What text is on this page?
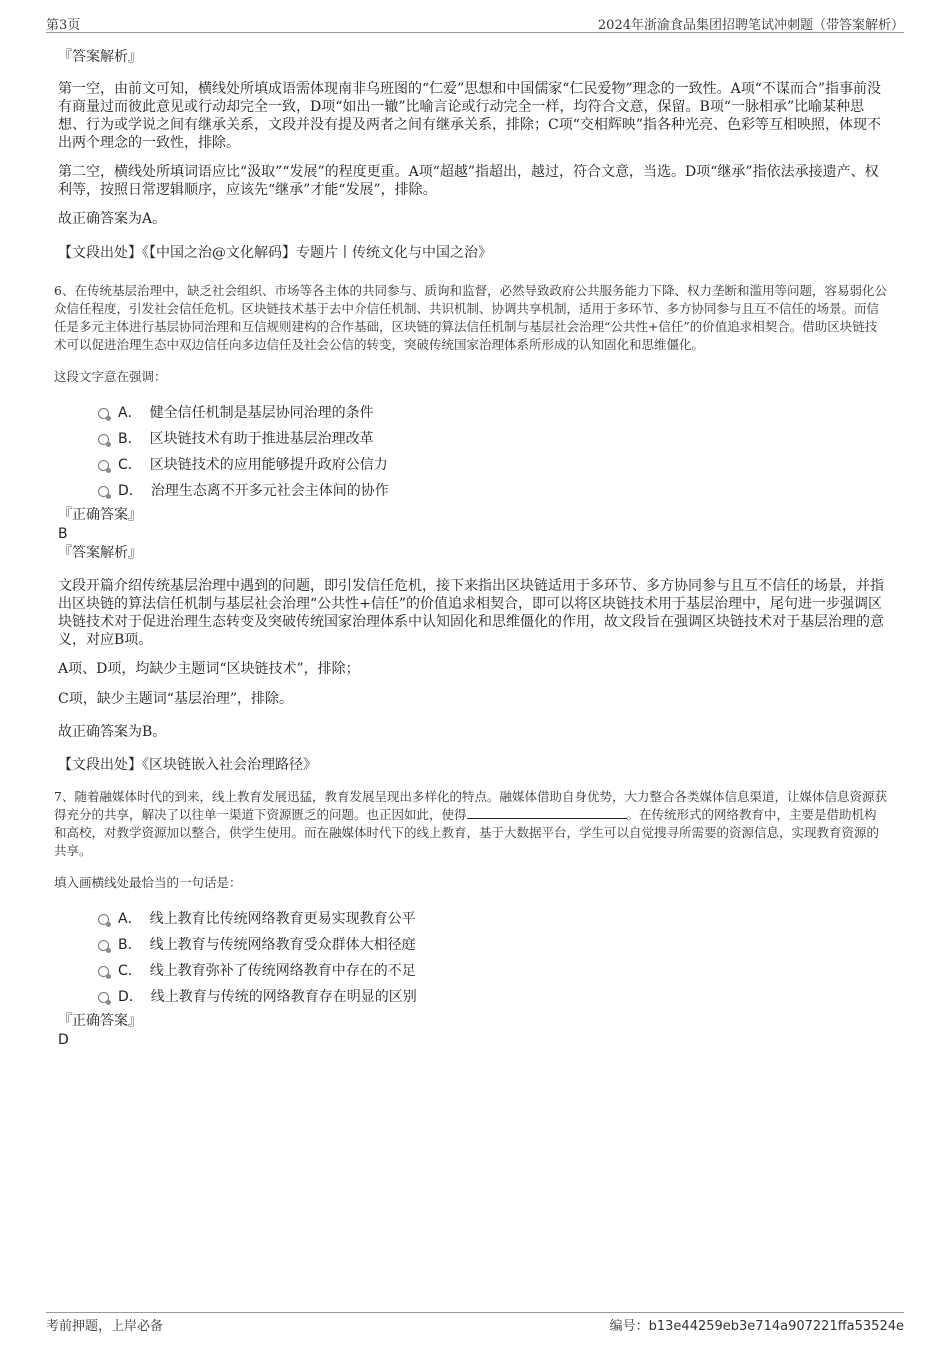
第3页	2024年浙渝食品集团招聘笔试冲刺题（带答案解析）

『答案解析』

第一空，由前文可知，横线处所填成语需体现南非乌班图的“仁爱”思想和中国儒家“仁民爱物”理念的一致性。A项“不谋而合”指事前没有商量过而彼此意见或行动却完全一致，D项“如出一辙”比喻言论或行动完全一样，均符合文意，保留。B项“一脉相承”比喻某种思想、行为或学说之间有继承关系，文段并没有提及两者之间有继承关系，排除；C项“交相辉映”指各种光亮、色彩等互相映照，体现不出两个理念的一致性，排除。

第二空，横线处所填词语应比“汲取”“发展”的程度更重。A项“超越”指超出，越过，符合文意，当选。D项“继承”指依法承接遗产、权利等，按照日常逻辑顺序，应该先“继承”才能“发展”，排除。

故正确答案为A。

【文段出处】《【中国之治@文化解码】专题片丨传统文化与中国之治》

6、在传统基层治理中，缺乏社会组织、市场等各主体的共同参与、质询和监督，必然导致政府公共服务能力下降、权力垄断和滥用等问题，容易弱化公众信任程度，引发社会信任危机。区块链技术基于去中介信任机制、共识机制、协调共享机制，适用于多环节、多方协同参与且互不信任的场景。而信任是多元主体进行基层协同治理和互信规则建构的合作基础，区块链的算法信任机制与基层社会治理“公共性+信任”的价值追求相契合。借助区块链技术可以促进治理生态中双边信任向多边信任及社会公信的转变，突破传统国家治理体系所形成的认知固化和思维僵化。

这段文字意在强调：

A． 健全信任机制是基层协同治理的条件
B． 区块链技术有助于推进基层治理改革
C． 区块链技术的应用能够提升政府公信力
D． 治理生态离不开多元社会主体间的协作

『正确答案』

B

『答案解析』

文段开篇介绍传统基层治理中遇到的问题，即引发信任危机，接下来指出区块链适用于多环节、多方协同参与且互不信任的场景，并指出区块链的算法信任机制与基层社会治理“公共性+信任”的价值追求相契合，即可以将区块链技术用于基层治理中，尾句进一步强调区块链技术对于促进治理生态转变及突破传统国家治理体系中认知固化和思维僵化的作用，故文段旨在强调区块链技术对于基层治理的意义，对应B项。

A项、D项，均缺少主题词“区块链技术”，排除；

C项，缺少主题词“基层治理”，排除。

故正确答案为B。

【文段出处】《区块链嵌入社会治理路径》

7、随着融媒体时代的到来，线上教育发展迅猛，教育发展呈现出多样化的特点。融媒体借助自身优势，大力整合各类媒体信息渠道，让媒体信息资源获得充分的共享，解决了以往单一渠道下资源匮乏的问题。也正因如此，使得	。在传统形式的网络教育中，主要是借助机构和高校，对教学资源加以整合，供学生使用。而在融媒体时代下的线上教育，基于大数据平台，学生可以自觉搜寻所需要的资源信息，实现教育资源的共享。

填入画横线处最恰当的一句话是：

A． 线上教育比传统网络教育更易实现教育公平
B． 线上教育与传统网络教育受众群体大相径庭
C． 线上教育弥补了传统网络教育中存在的不足
D． 线上教育与传统的网络教育存在明显的区别

『正确答案』

D

考前押题，上岸必备	编号：b13e44259eb3e714a907221ffa53524e
